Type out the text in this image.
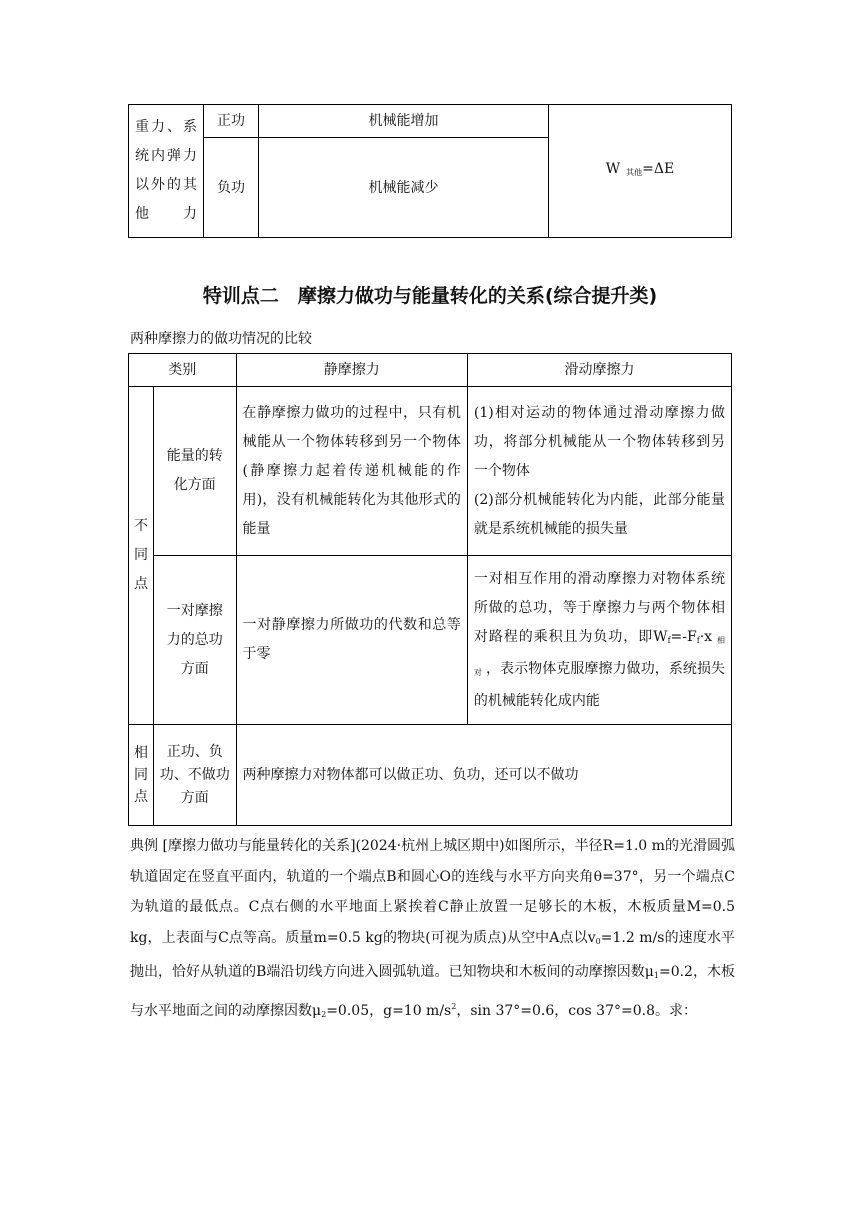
重力、系统内弹力以外的其他力	正功	机械能增加	W $_{其他}$=ΔE
	负功	机械能减少	
特训点二　摩擦力做功与能量转化的关系(综合提升类)
两种摩擦力的做功情况的比较
类别		静摩擦力	滑动摩擦力
不同点	能量的转化方面	在静摩擦力做功的过程中，只有机械能从一个物体转移到另一个物体(静摩擦力起着传递机械能的作用)，没有机械能转化为其他形式的能量	(1)相对运动的物体通过滑动摩擦力做功，将部分机械能从一个物体转移到另一个物体
(2)部分机械能转化为内能，此部分能量就是系统机械能的损失量

	一对摩擦力的总功方面	一对静摩擦力所做功的代数和总等于零	一对相互作用的滑动摩擦力对物体系统所做的总功，等于摩擦力与两个物体相对路程的乘积且为负功，即$W_f=-F_f\cdot x$ $_{相对}$ ，表示物体克服摩擦力做功，系统损失的机械能转化成内能
相同点	正功、负功、不做功方面	两种摩擦力对物体都可以做正功、负功，还可以不做功	
典例 [摩擦力做功与能量转化的关系](2024·杭州上城区期中)如图所示，半径R=1.0 m的光滑圆弧轨道固定在竖直平面内，轨道的一个端点B和圆心O的连线与水平方向夹角θ=37°，另一个端点C为轨道的最低点。C点右侧的水平地面上紧挨着C静止放置一足够长的木板，木板质量M=0.5 kg，上表面与C点等高。质量m=0.5 kg的物块(可视为质点)从空中A点以$v_0=1.2$ m/s的速度水平抛出，恰好从轨道的B端沿切线方向进入圆弧轨道。已知物块和木板间的动摩擦因数$\mu_1=0.2$，木板与水平地面之间的动摩擦因数$\mu_2=0.05$，g=10 $m/s^2$，sin 37°=0.6，cos 37°=0.8。求：
